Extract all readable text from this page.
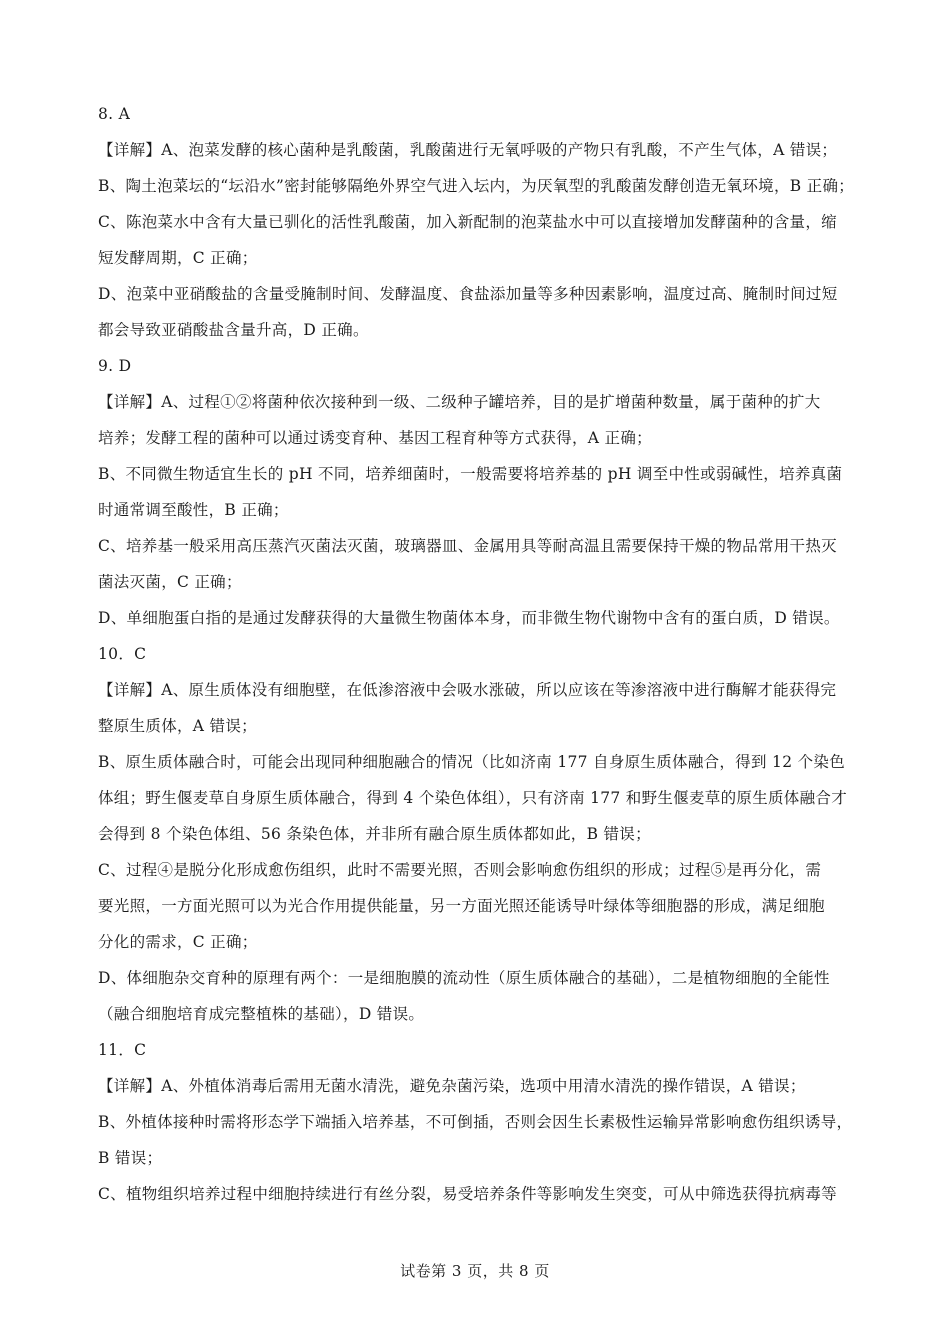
8. A
【详解】A、泡菜发酵的核心菌种是乳酸菌，乳酸菌进行无氧呼吸的产物只有乳酸，不产生气体，A 错误；
B、陶土泡菜坛的“坛沿水”密封能够隔绝外界空气进入坛内，为厌氧型的乳酸菌发酵创造无氧环境，B 正确；
C、陈泡菜水中含有大量已驯化的活性乳酸菌，加入新配制的泡菜盐水中可以直接增加发酵菌种的含量，缩
短发酵周期，C 正确；
D、泡菜中亚硝酸盐的含量受腌制时间、发酵温度、食盐添加量等多种因素影响，温度过高、腌制时间过短
都会导致亚硝酸盐含量升高，D 正确。
9. D
【详解】A、过程①②将菌种依次接种到一级、二级种子罐培养，目的是扩增菌种数量，属于菌种的扩大
培养；发酵工程的菌种可以通过诱变育种、基因工程育种等方式获得，A 正确；
B、不同微生物适宜生长的 pH 不同，培养细菌时，一般需要将培养基的 pH 调至中性或弱碱性，培养真菌
时通常调至酸性，B 正确；
C、培养基一般采用高压蒸汽灭菌法灭菌，玻璃器皿、金属用具等耐高温且需要保持干燥的物品常用干热灭
菌法灭菌，C 正确；
D、单细胞蛋白指的是通过发酵获得的大量微生物菌体本身，而非微生物代谢物中含有的蛋白质，D 错误。
10．C
【详解】A、原生质体没有细胞壁，在低渗溶液中会吸水涨破，所以应该在等渗溶液中进行酶解才能获得完
整原生质体，A 错误；
B、原生质体融合时，可能会出现同种细胞融合的情况（比如济南 177 自身原生质体融合，得到 12 个染色
体组；野生偃麦草自身原生质体融合，得到 4 个染色体组），只有济南 177 和野生偃麦草的原生质体融合才
会得到 8 个染色体组、56 条染色体，并非所有融合原生质体都如此，B 错误；
C、过程④是脱分化形成愈伤组织，此时不需要光照，否则会影响愈伤组织的形成；过程⑤是再分化，需
要光照，一方面光照可以为光合作用提供能量，另一方面光照还能诱导叶绿体等细胞器的形成，满足细胞
分化的需求，C 正确；
D、体细胞杂交育种的原理有两个：一是细胞膜的流动性（原生质体融合的基础），二是植物细胞的全能性
（融合细胞培育成完整植株的基础），D 错误。
11．C
【详解】A、外植体消毒后需用无菌水清洗，避免杂菌污染，选项中用清水清洗的操作错误，A 错误；
B、外植体接种时需将形态学下端插入培养基，不可倒插，否则会因生长素极性运输异常影响愈伤组织诱导，
B 错误；
C、植物组织培养过程中细胞持续进行有丝分裂，易受培养条件等影响发生突变，可从中筛选获得抗病毒等
试卷第 3 页，共 8 页
